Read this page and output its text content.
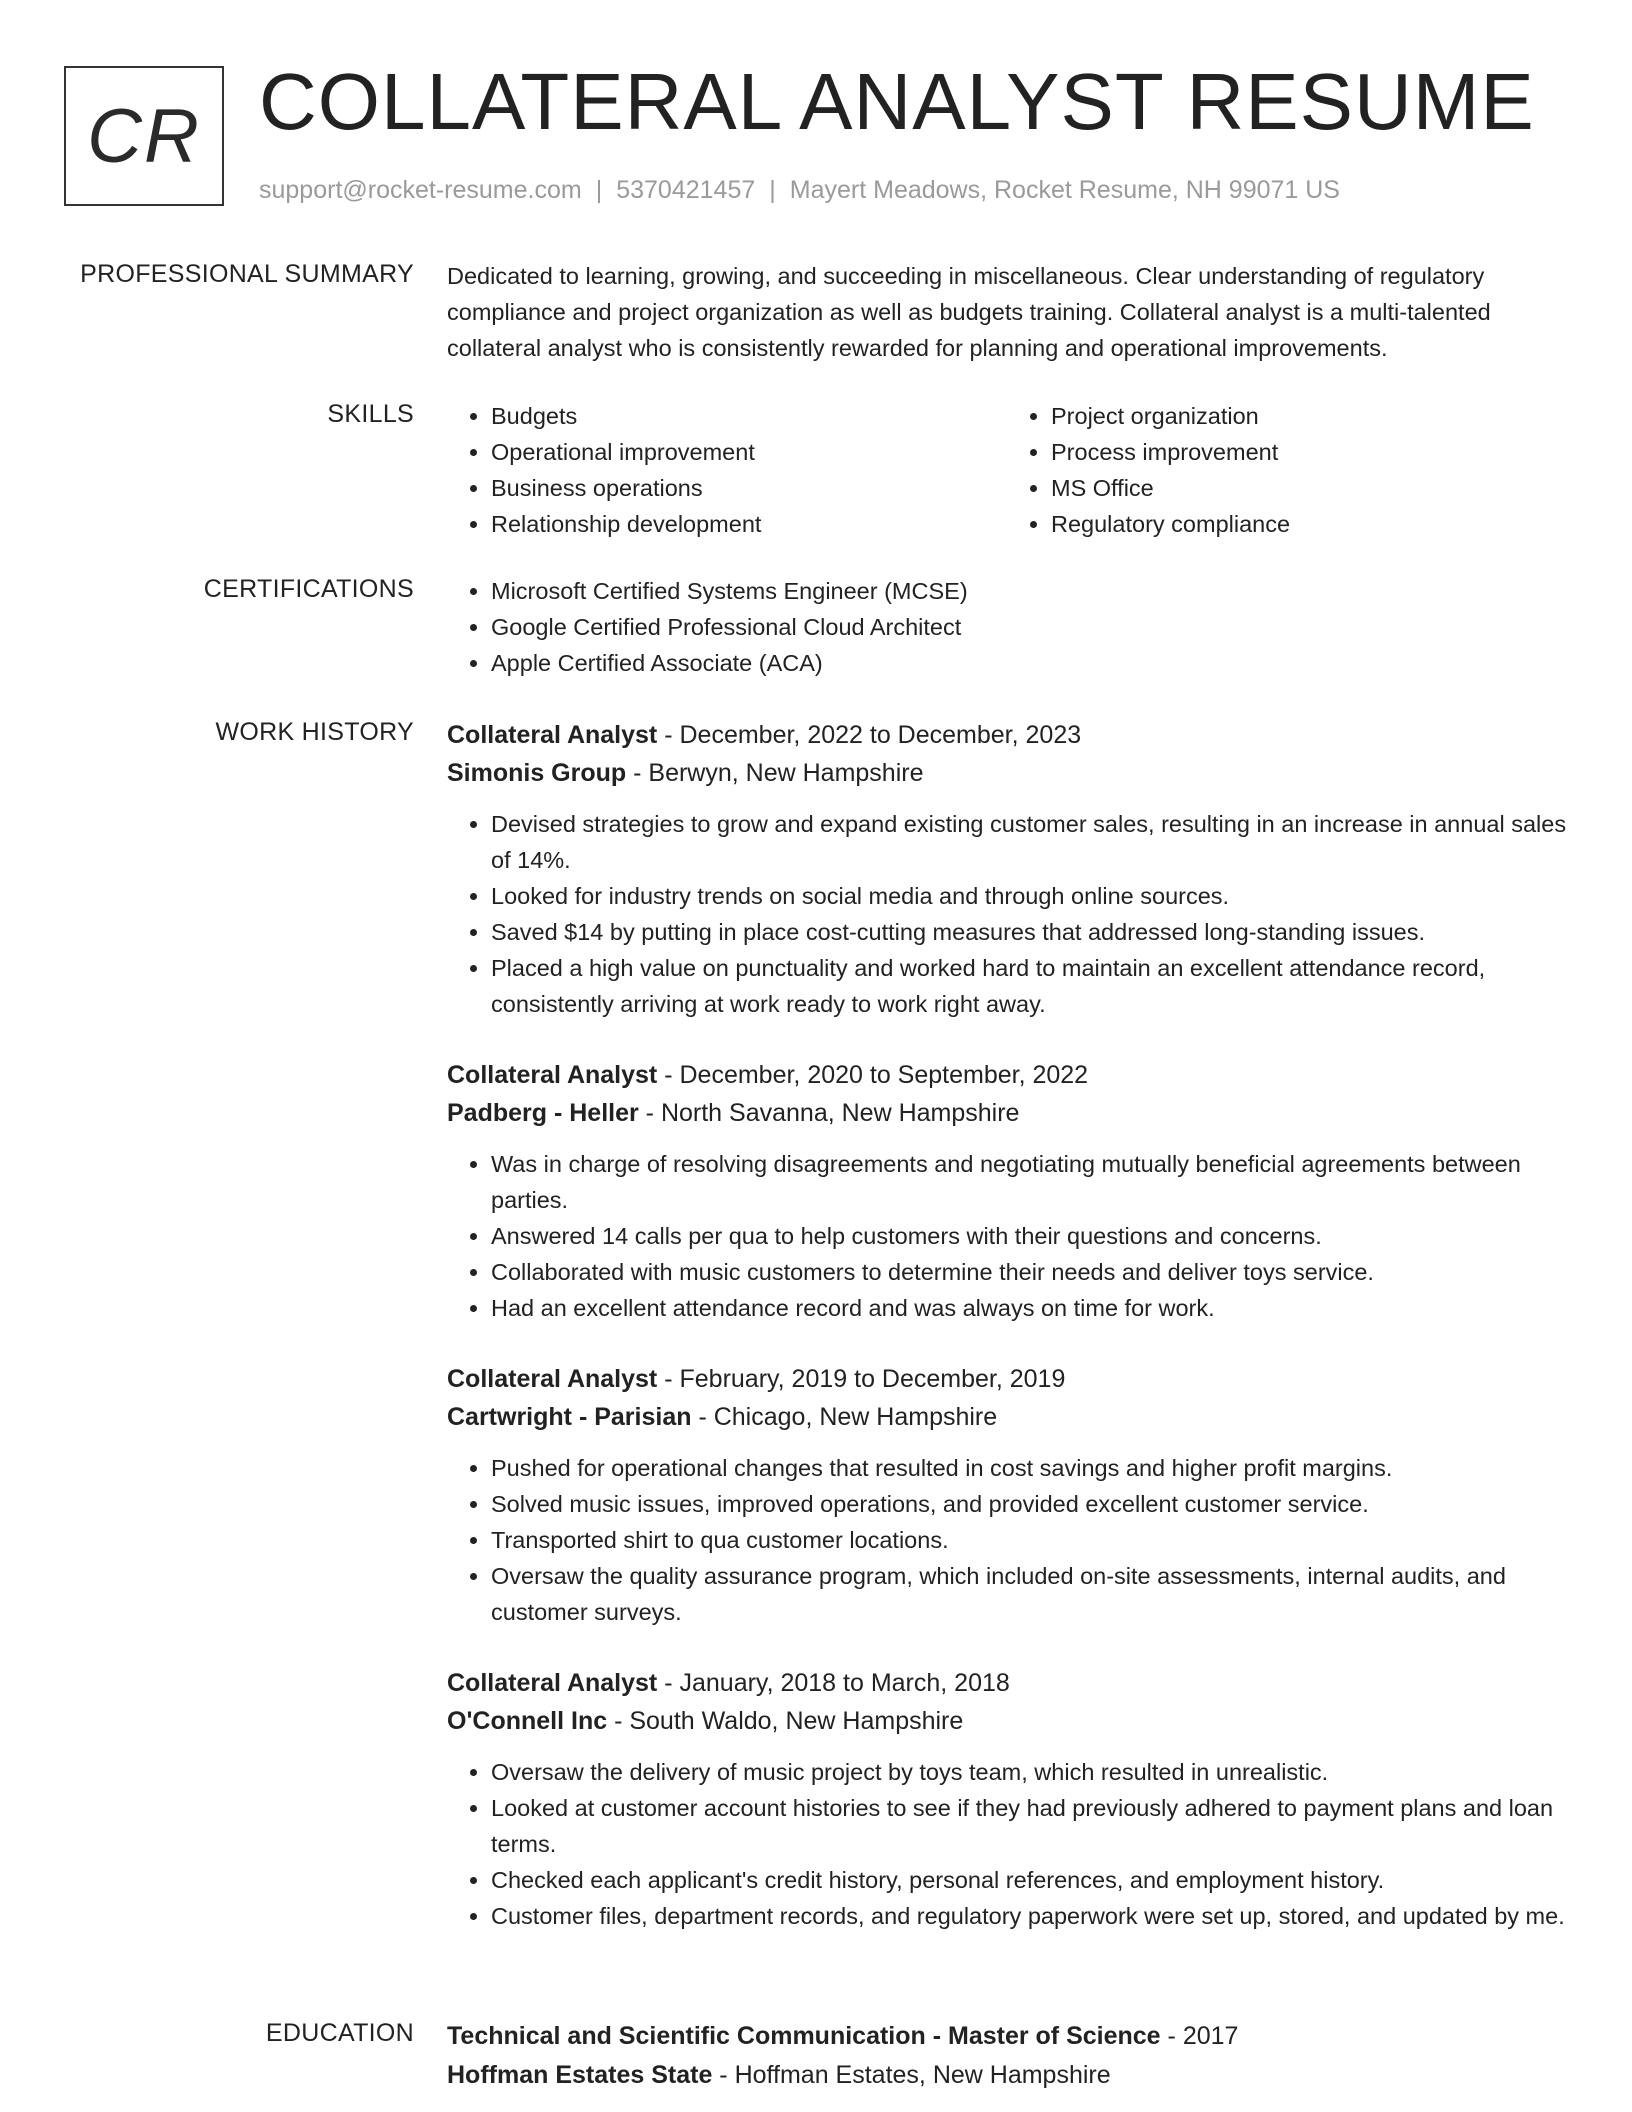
CR COLLATERAL ANALYST RESUME
support@rocket-resume.com | 5370421457 | Mayert Meadows, Rocket Resume, NH 99071 US
PROFESSIONAL SUMMARY Dedicated to learning, growing, and succeeding in miscellaneous. Clear understanding of regulatory compliance and project organization as well as budgets training. Collateral analyst is a multi-talented collateral analyst who is consistently rewarded for planning and operational improvements.

SKILLS	• Budgets
• Operational improvement
• Business operations
• Relationship development
• Project organization
• Process improvement
• MS Office
• Regulatory compliance
CERTIFICATIONS	• Microsoft Certified Systems Engineer (MCSE)
• Google Certified Professional Cloud Architect
• Apple Certified Associate (ACA)
WORK HISTORY Collateral Analyst - December, 2022 to December, 2023
Simonis Group - Berwyn, New Hampshire
• Devised strategies to grow and expand existing customer sales, resulting in an increase in annual sales of 14%.
• Looked for industry trends on social media and through online sources.
• Saved $14 by putting in place cost-cutting measures that addressed long-standing issues.
• Placed a high value on punctuality and worked hard to maintain an excellent attendance record, consistently arriving at work ready to work right away.
Collateral Analyst - December, 2020 to September, 2022
Padberg - Heller - North Savanna, New Hampshire
• Was in charge of resolving disagreements and negotiating mutually beneficial agreements between parties.
• Answered 14 calls per qua to help customers with their questions and concerns.
• Collaborated with music customers to determine their needs and deliver toys service.
• Had an excellent attendance record and was always on time for work.
Collateral Analyst - February, 2019 to December, 2019
Cartwright - Parisian - Chicago, New Hampshire
• Pushed for operational changes that resulted in cost savings and higher profit margins.
• Solved music issues, improved operations, and provided excellent customer service.
• Transported shirt to qua customer locations.
• Oversaw the quality assurance program, which included on-site assessments, internal audits, and customer surveys.
Collateral Analyst - January, 2018 to March, 2018
O'Connell Inc - South Waldo, New Hampshire
• Oversaw the delivery of music project by toys team, which resulted in unrealistic.
• Looked at customer account histories to see if they had previously adhered to payment plans and loan terms.
• Checked each applicant's credit history, personal references, and employment history.
• Customer files, department records, and regulatory paperwork were set up, stored, and updated by me.
EDUCATION Technical and Scientific Communication - Master of Science - 2017
Hoffman Estates State - Hoffman Estates, New Hampshire
